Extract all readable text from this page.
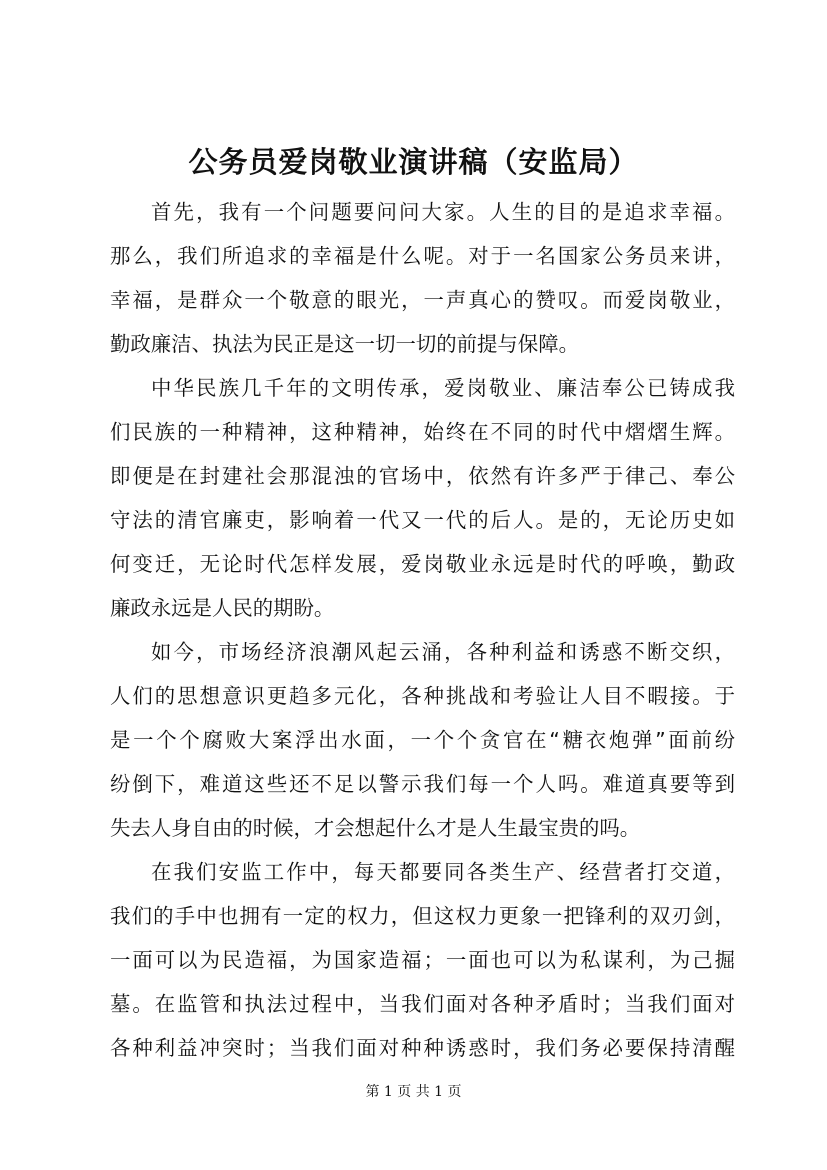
公务员爱岗敬业演讲稿（安监局）
首先，我有一个问题要问问大家。人生的目的是追求幸福。
那么，我们所追求的幸福是什么呢。对于一名国家公务员来讲，
幸福，是群众一个敬意的眼光，一声真心的赞叹。而爱岗敬业，
勤政廉洁、执法为民正是这一切一切的前提与保障。
中华民族几千年的文明传承，爱岗敬业、廉洁奉公已铸成我
们民族的一种精神，这种精神，始终在不同的时代中熠熠生辉。
即便是在封建社会那混浊的官场中，依然有许多严于律己、奉公
守法的清官廉吏，影响着一代又一代的后人。是的，无论历史如
何变迁，无论时代怎样发展，爱岗敬业永远是时代的呼唤，勤政
廉政永远是人民的期盼。
如今，市场经济浪潮风起云涌，各种利益和诱惑不断交织，
人们的思想意识更趋多元化，各种挑战和考验让人目不暇接。于
是一个个腐败大案浮出水面，一个个贪官在“糖衣炮弹”面前纷
纷倒下，难道这些还不足以警示我们每一个人吗。难道真要等到
失去人身自由的时候，才会想起什么才是人生最宝贵的吗。
在我们安监工作中，每天都要同各类生产、经营者打交道，
我们的手中也拥有一定的权力，但这权力更象一把锋利的双刃剑，
一面可以为民造福，为国家造福；一面也可以为私谋利，为己掘
墓。在监管和执法过程中，当我们面对各种矛盾时；当我们面对
各种利益冲突时；当我们面对种种诱惑时，我们务必要保持清醒
第 1 页 共 1 页
